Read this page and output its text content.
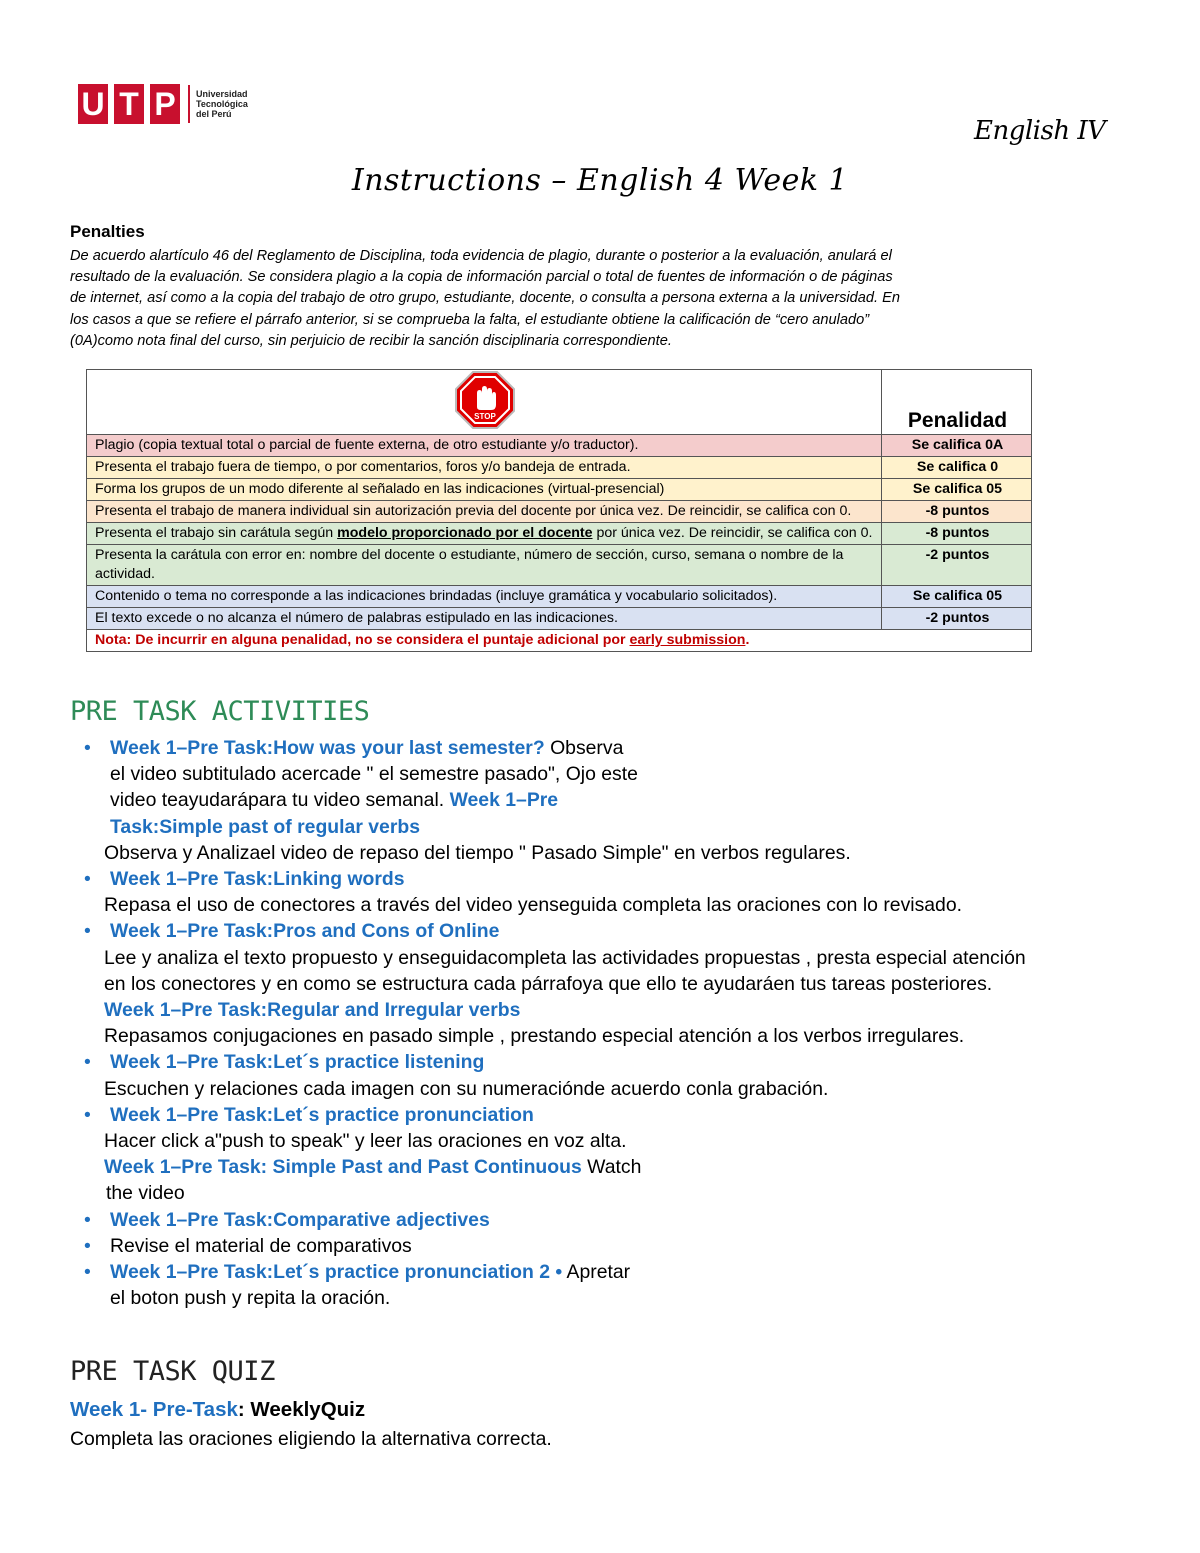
U T P	Universidad
Tecnológica
del Perú
English IV
Instructions – English 4 Week 1
Penalties
De acuerdo alartículo 46 del Reglamento de Disciplina, toda evidencia de plagio, durante o posterior a la evaluación, anulará el
resultado de la evaluación. Se considera plagio a la copia de información parcial o total de fuentes de información o de páginas
de internet, así como a la copia del trabajo de otro grupo, estudiante, docente, o consulta a persona externa a la universidad. En
los casos a que se refiere el párrafo anterior, si se comprueba la falta, el estudiante obtiene la calificación de “cero anulado”
(0A)como nota final del curso, sin perjuicio de recibir la sanción disciplinaria correspondiente.
STOP	Penalidad
Plagio (copia textual total o parcial de fuente externa, de otro estudiante y/o traductor).	Se califica 0A
Presenta el trabajo fuera de tiempo, o por comentarios, foros y/o bandeja de entrada.	Se califica 0
Forma los grupos de un modo diferente al señalado en las indicaciones (virtual-presencial)	Se califica 05
Presenta el trabajo de manera individual sin autorización previa del docente por única vez. De reincidir, se califica con 0.	-8 puntos
Presenta el trabajo sin carátula según modelo proporcionado por el docente por única vez. De reincidir, se califica con 0.	-8 puntos
Presenta la carátula con error en: nombre del docente o estudiante, número de sección, curso, semana o nombre de la actividad.	-2 puntos
Contenido o tema no corresponde a las indicaciones brindadas (incluye gramática y vocabulario solicitados).	Se califica 05
El texto excede o no alcanza el número de palabras estipulado en las indicaciones.	-2 puntos
Nota: De incurrir en alguna penalidad, no se considera el puntaje adicional por early submission.	
PRE TASK ACTIVITIES
• Week 1–Pre Task:How was your last semester? Observa
el video subtitulado acercade " el semestre pasado", Ojo este
video teayudarápara tu video semanal. Week 1–Pre
Task:Simple past of regular verbs
Observa y Analizael video de repaso del tiempo " Pasado Simple" en verbos regulares.
• Week 1–Pre Task:Linking words
Repasa el uso de conectores a través del video yenseguida completa las oraciones con lo revisado.
• Week 1–Pre Task:Pros and Cons of Online
Lee y analiza el texto propuesto y enseguidacompleta las actividades propuestas , presta especial atención
en los conectores y en como se estructura cada párrafoya que ello te ayudaráen tus tareas posteriores.
Week 1–Pre Task:Regular and Irregular verbs
Repasamos conjugaciones en pasado simple , prestando especial atención a los verbos irregulares.
• Week 1–Pre Task:Let´s practice listening
Escuchen y relaciones cada imagen con su numeracióndе acuerdo conla grabación.
• Week 1–Pre Task:Let´s practice pronunciation
Hacer click a"push to speak" y leer las oraciones en voz alta.
Week 1–Pre Task: Simple Past and Past Continuous Watch
the video
• Week 1–Pre Task:Comparative adjectives
• Revise el material de comparativos
• Week 1–Pre Task:Let´s practice pronunciation 2 • Apretar
el boton push y repita la oración.
PRE TASK QUIZ
Week 1- Pre-Task: WeeklyQuiz
Completa las oraciones eligiendo la alternativa correcta.
